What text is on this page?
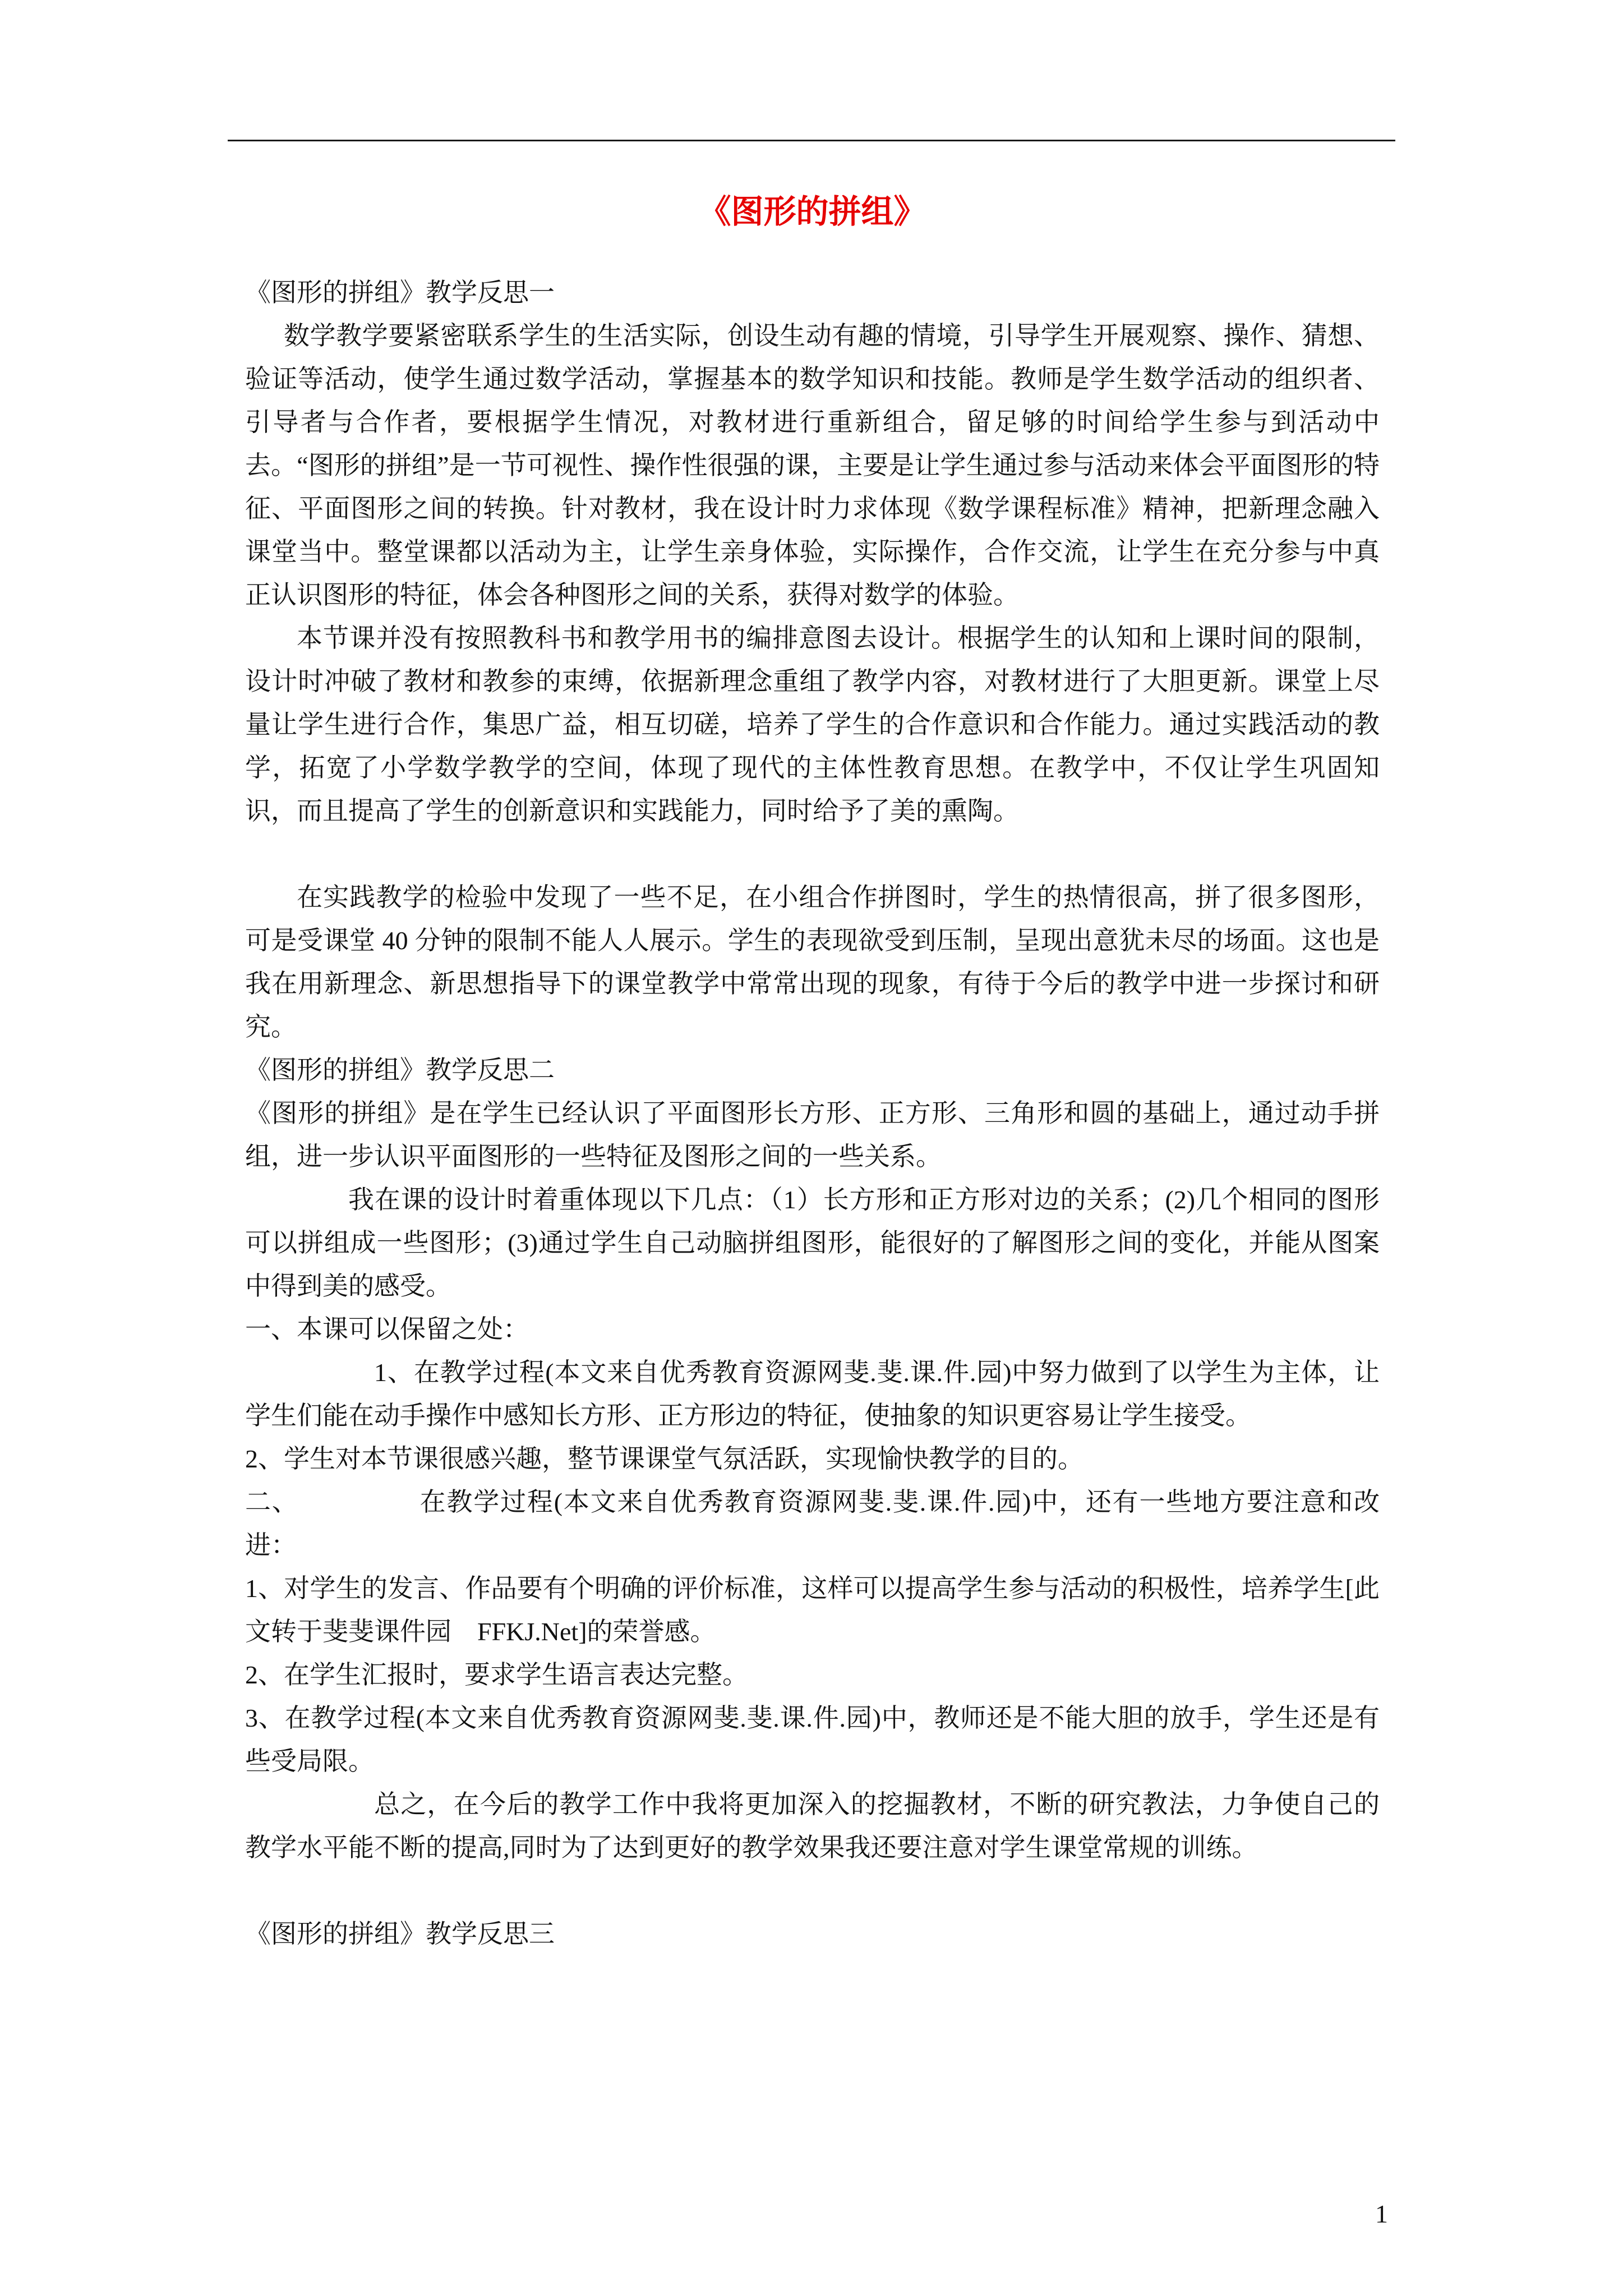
《图形的拼组》

《图形的拼组》教学反思一

数学教学要紧密联系学生的生活实际，创设生动有趣的情境，引导学生开展观察、操作、猜想、验证等活动，使学生通过数学活动，掌握基本的数学知识和技能。教师是学生数学活动的组织者、引导者与合作者，要根据学生情况，对教材进行重新组合，留足够的时间给学生参与到活动中去。“图形的拼组”是一节可视性、操作性很强的课，主要是让学生通过参与活动来体会平面图形的特征、平面图形之间的转换。针对教材，我在设计时力求体现《数学课程标准》精神，把新理念融入课堂当中。整堂课都以活动为主，让学生亲身体验，实际操作，合作交流，让学生在充分参与中真正认识图形的特征，体会各种图形之间的关系，获得对数学的体验。

本节课并没有按照教科书和教学用书的编排意图去设计。根据学生的认知和上课时间的限制，设计时冲破了教材和教参的束缚，依据新理念重组了教学内容，对教材进行了大胆更新。课堂上尽量让学生进行合作，集思广益，相互切磋，培养了学生的合作意识和合作能力。通过实践活动的教学，拓宽了小学数学教学的空间，体现了现代的主体性教育思想。在教学中，不仅让学生巩固知识，而且提高了学生的创新意识和实践能力，同时给予了美的熏陶。

在实践教学的检验中发现了一些不足，在小组合作拼图时，学生的热情很高，拼了很多图形，可是受课堂 40 分钟的限制不能人人展示。学生的表现欲受到压制，呈现出意犹未尽的场面。这也是我在用新理念、新思想指导下的课堂教学中常常出现的现象，有待于今后的教学中进一步探讨和研究。

《图形的拼组》教学反思二

《图形的拼组》是在学生已经认识了平面图形长方形、正方形、三角形和圆的基础上，通过动手拼组，进一步认识平面图形的一些特征及图形之间的一些关系。

我在课的设计时着重体现以下几点：（1）长方形和正方形对边的关系；(2)几个相同的图形可以拼组成一些图形；(3)通过学生自己动脑拼组图形，能很好的了解图形之间的变化，并能从图案中得到美的感受。

一、本课可以保留之处：

1、在教学过程(本文来自优秀教育资源网斐.斐.课.件.园)中努力做到了以学生为主体，让学生们能在动手操作中感知长方形、正方形边的特征，使抽象的知识更容易让学生接受。

2、学生对本节课很感兴趣，整节课课堂气氛活跃，实现愉快教学的目的。

二、　　　　　在教学过程(本文来自优秀教育资源网斐.斐.课.件.园)中，还有一些地方要注意和改进：

1、对学生的发言、作品要有个明确的评价标准，这样可以提高学生参与活动的积极性，培养学生[此文转于斐斐课件园　FFKJ.Net]的荣誉感。

2、在学生汇报时，要求学生语言表达完整。

3、在教学过程(本文来自优秀教育资源网斐.斐.课.件.园)中，教师还是不能大胆的放手，学生还是有些受局限。

总之，在今后的教学工作中我将更加深入的挖掘教材，不断的研究教法，力争使自己的教学水平能不断的提高,同时为了达到更好的教学效果我还要注意对学生课堂常规的训练。

《图形的拼组》教学反思三

1
